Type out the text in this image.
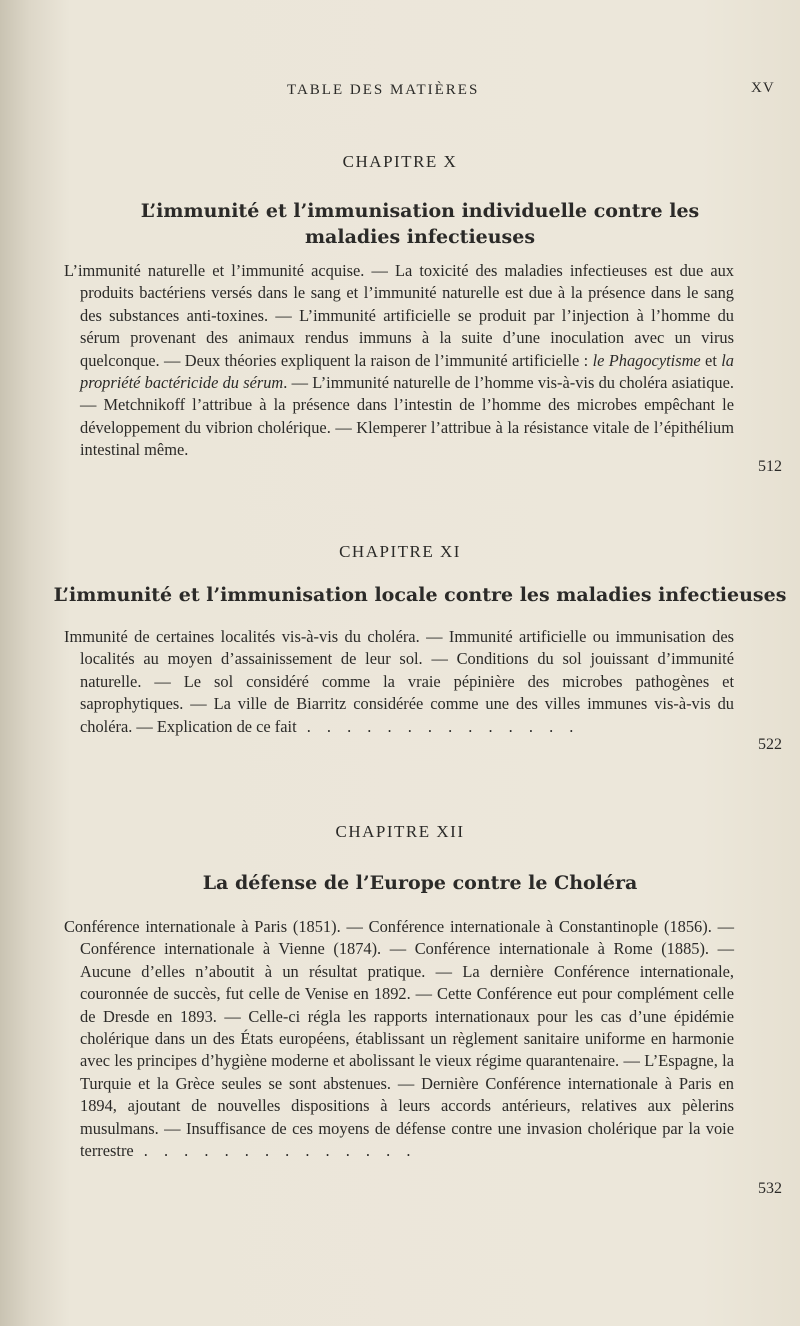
TABLE DES MATIÈRES	XV
CHAPITRE X
L’immunité et l’immunisation individuelle contre les maladies infectieuses
L’immunité naturelle et l’immunité acquise. — La toxicité des maladies infectieuses est due aux produits bactériens versés dans le sang et l’immunité naturelle est due à la présence dans le sang des substances anti-toxines. — L’immunité artificielle se produit par l’injection à l’homme du sérum provenant des animaux rendus immuns à la suite d’une inoculation avec un virus quelconque. — Deux théories expliquent la raison de l’immunité artificielle : le Phagocytisme et la propriété bactéricide du sérum. — L’immunité naturelle de l’homme vis-à-vis du choléra asiatique. — Metchnikoff l’attribue à la présence dans l’intestin de l’homme des microbes empêchant le développement du vibrion cholérique. — Klemperer l’attribue à la résistance vitale de l’épithélium intestinal même.
512
CHAPITRE XI
L’immunité et l’immunisation locale contre les maladies infectieuses
Immunité de certaines localités vis-à-vis du choléra. — Immunité artificielle ou immunisation des localités au moyen d’assainissement de leur sol. — Conditions du sol jouissant d’immunité naturelle. — Le sol considéré comme la vraie pépinière des microbes pathogènes et saprophytiques. — La ville de Biarritz considérée comme une des villes immunes vis-à-vis du choléra. — Explication de ce fait . . . . . . . . . . . . . .
522
CHAPITRE XII
La défense de l’Europe contre le Choléra
Conférence internationale à Paris (1851). — Conférence internationale à Constantinople (1856). — Conférence internationale à Vienne (1874). — Conférence internationale à Rome (1885). — Aucune d’elles n’aboutit à un résultat pratique. — La dernière Conférence internationale, couronnée de succès, fut celle de Venise en 1892. — Cette Conférence eut pour complément celle de Dresde en 1893. — Celle-ci régla les rapports internationaux pour les cas d’une épidémie cholérique dans un des États européens, établissant un règlement sanitaire uniforme en harmonie avec les principes d’hygiène moderne et abolissant le vieux régime quarantenaire. — L’Espagne, la Turquie et la Grèce seules se sont abstenues. — Dernière Conférence internationale à Paris en 1894, ajoutant de nouvelles dispositions à leurs accords antérieurs, relatives aux pèlerins musulmans. — Insuffisance de ces moyens de défense contre une invasion cholérique par la voie terrestre . . . . . . . . . . . . . .
532
